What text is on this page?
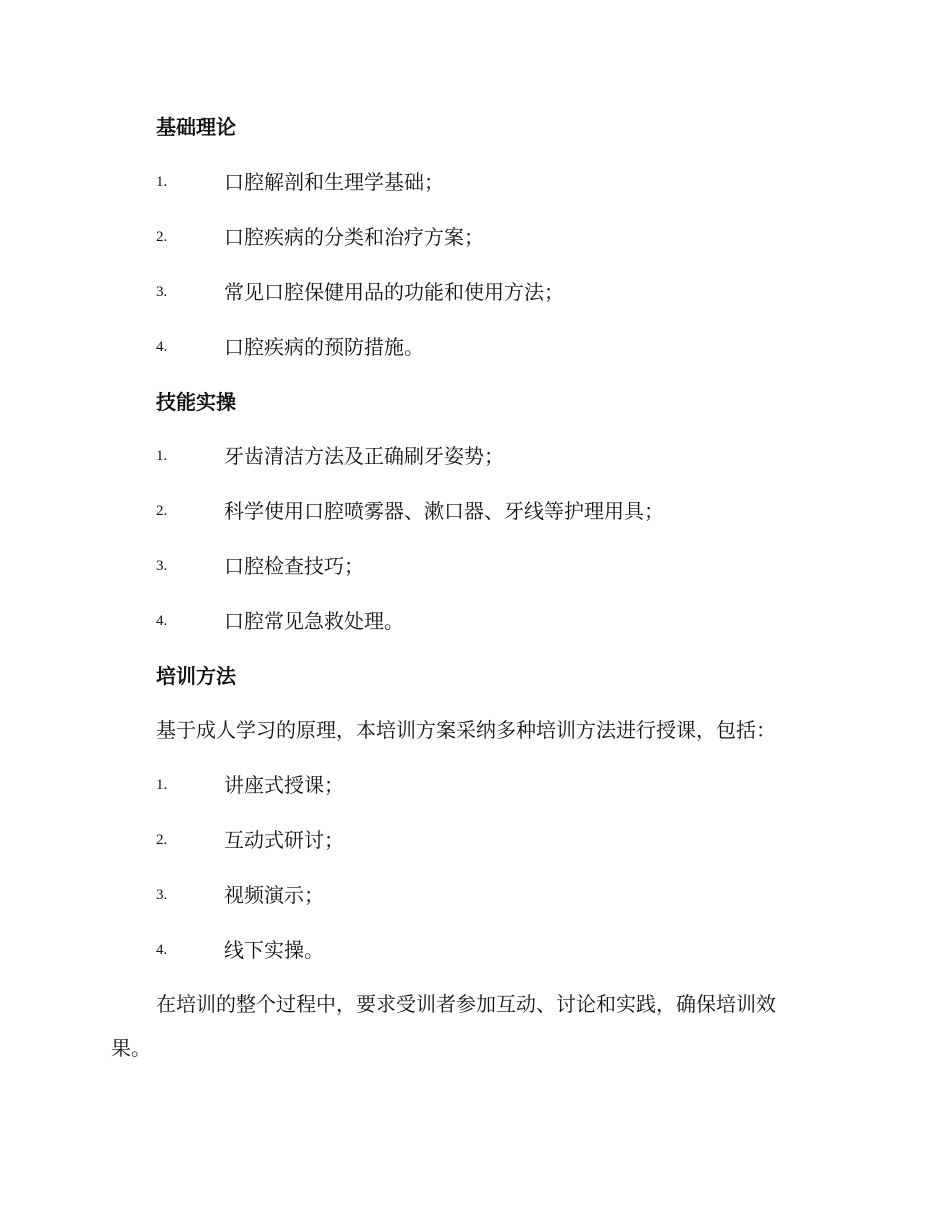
基础理论
1.	口腔解剖和生理学基础；
2.	口腔疾病的分类和治疗方案；
3.	常见口腔保健用品的功能和使用方法；
4.	口腔疾病的预防措施。
技能实操
1.	牙齿清洁方法及正确刷牙姿势；
2.	科学使用口腔喷雾器、漱口器、牙线等护理用具；
3.	口腔检查技巧；
4.	口腔常见急救处理。
培训方法
基于成人学习的原理，本培训方案采纳多种培训方法进行授课，包括：
1.	讲座式授课；
2.	互动式研讨；
3.	视频演示；
4.	线下实操。
在培训的整个过程中，要求受训者参加互动、讨论和实践，确保培训效
果。
